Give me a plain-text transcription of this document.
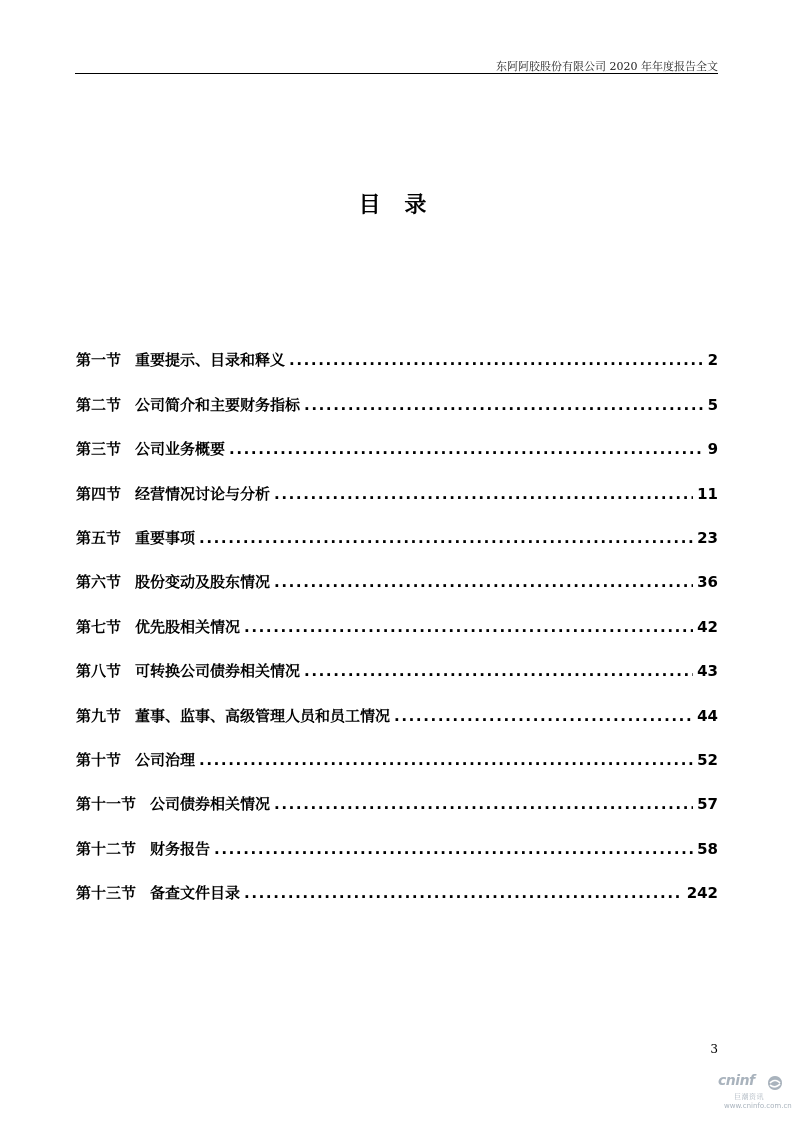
东阿阿胶股份有限公司 2020 年年度报告全文
目 录
第一节 重要提示、目录和释义 .....	2
第二节 公司简介和主要财务指标 .....	5
第三节 公司业务概要 .....	9
第四节 经营情况讨论与分析 .....	11
第五节 重要事项 .....	23
第六节 股份变动及股东情况 .....	36
第七节 优先股相关情况 .....	42
第八节 可转换公司债券相关情况 .....	43
第九节 董事、监事、高级管理人员和员工情况 .....	44
第十节 公司治理 .....	52
第十一节 公司债券相关情况 .....	57
第十二节 财务报告 .....	58
第十三节 备查文件目录 .....	242
3
cninf
巨潮资讯
www.cninfo.com.cn
